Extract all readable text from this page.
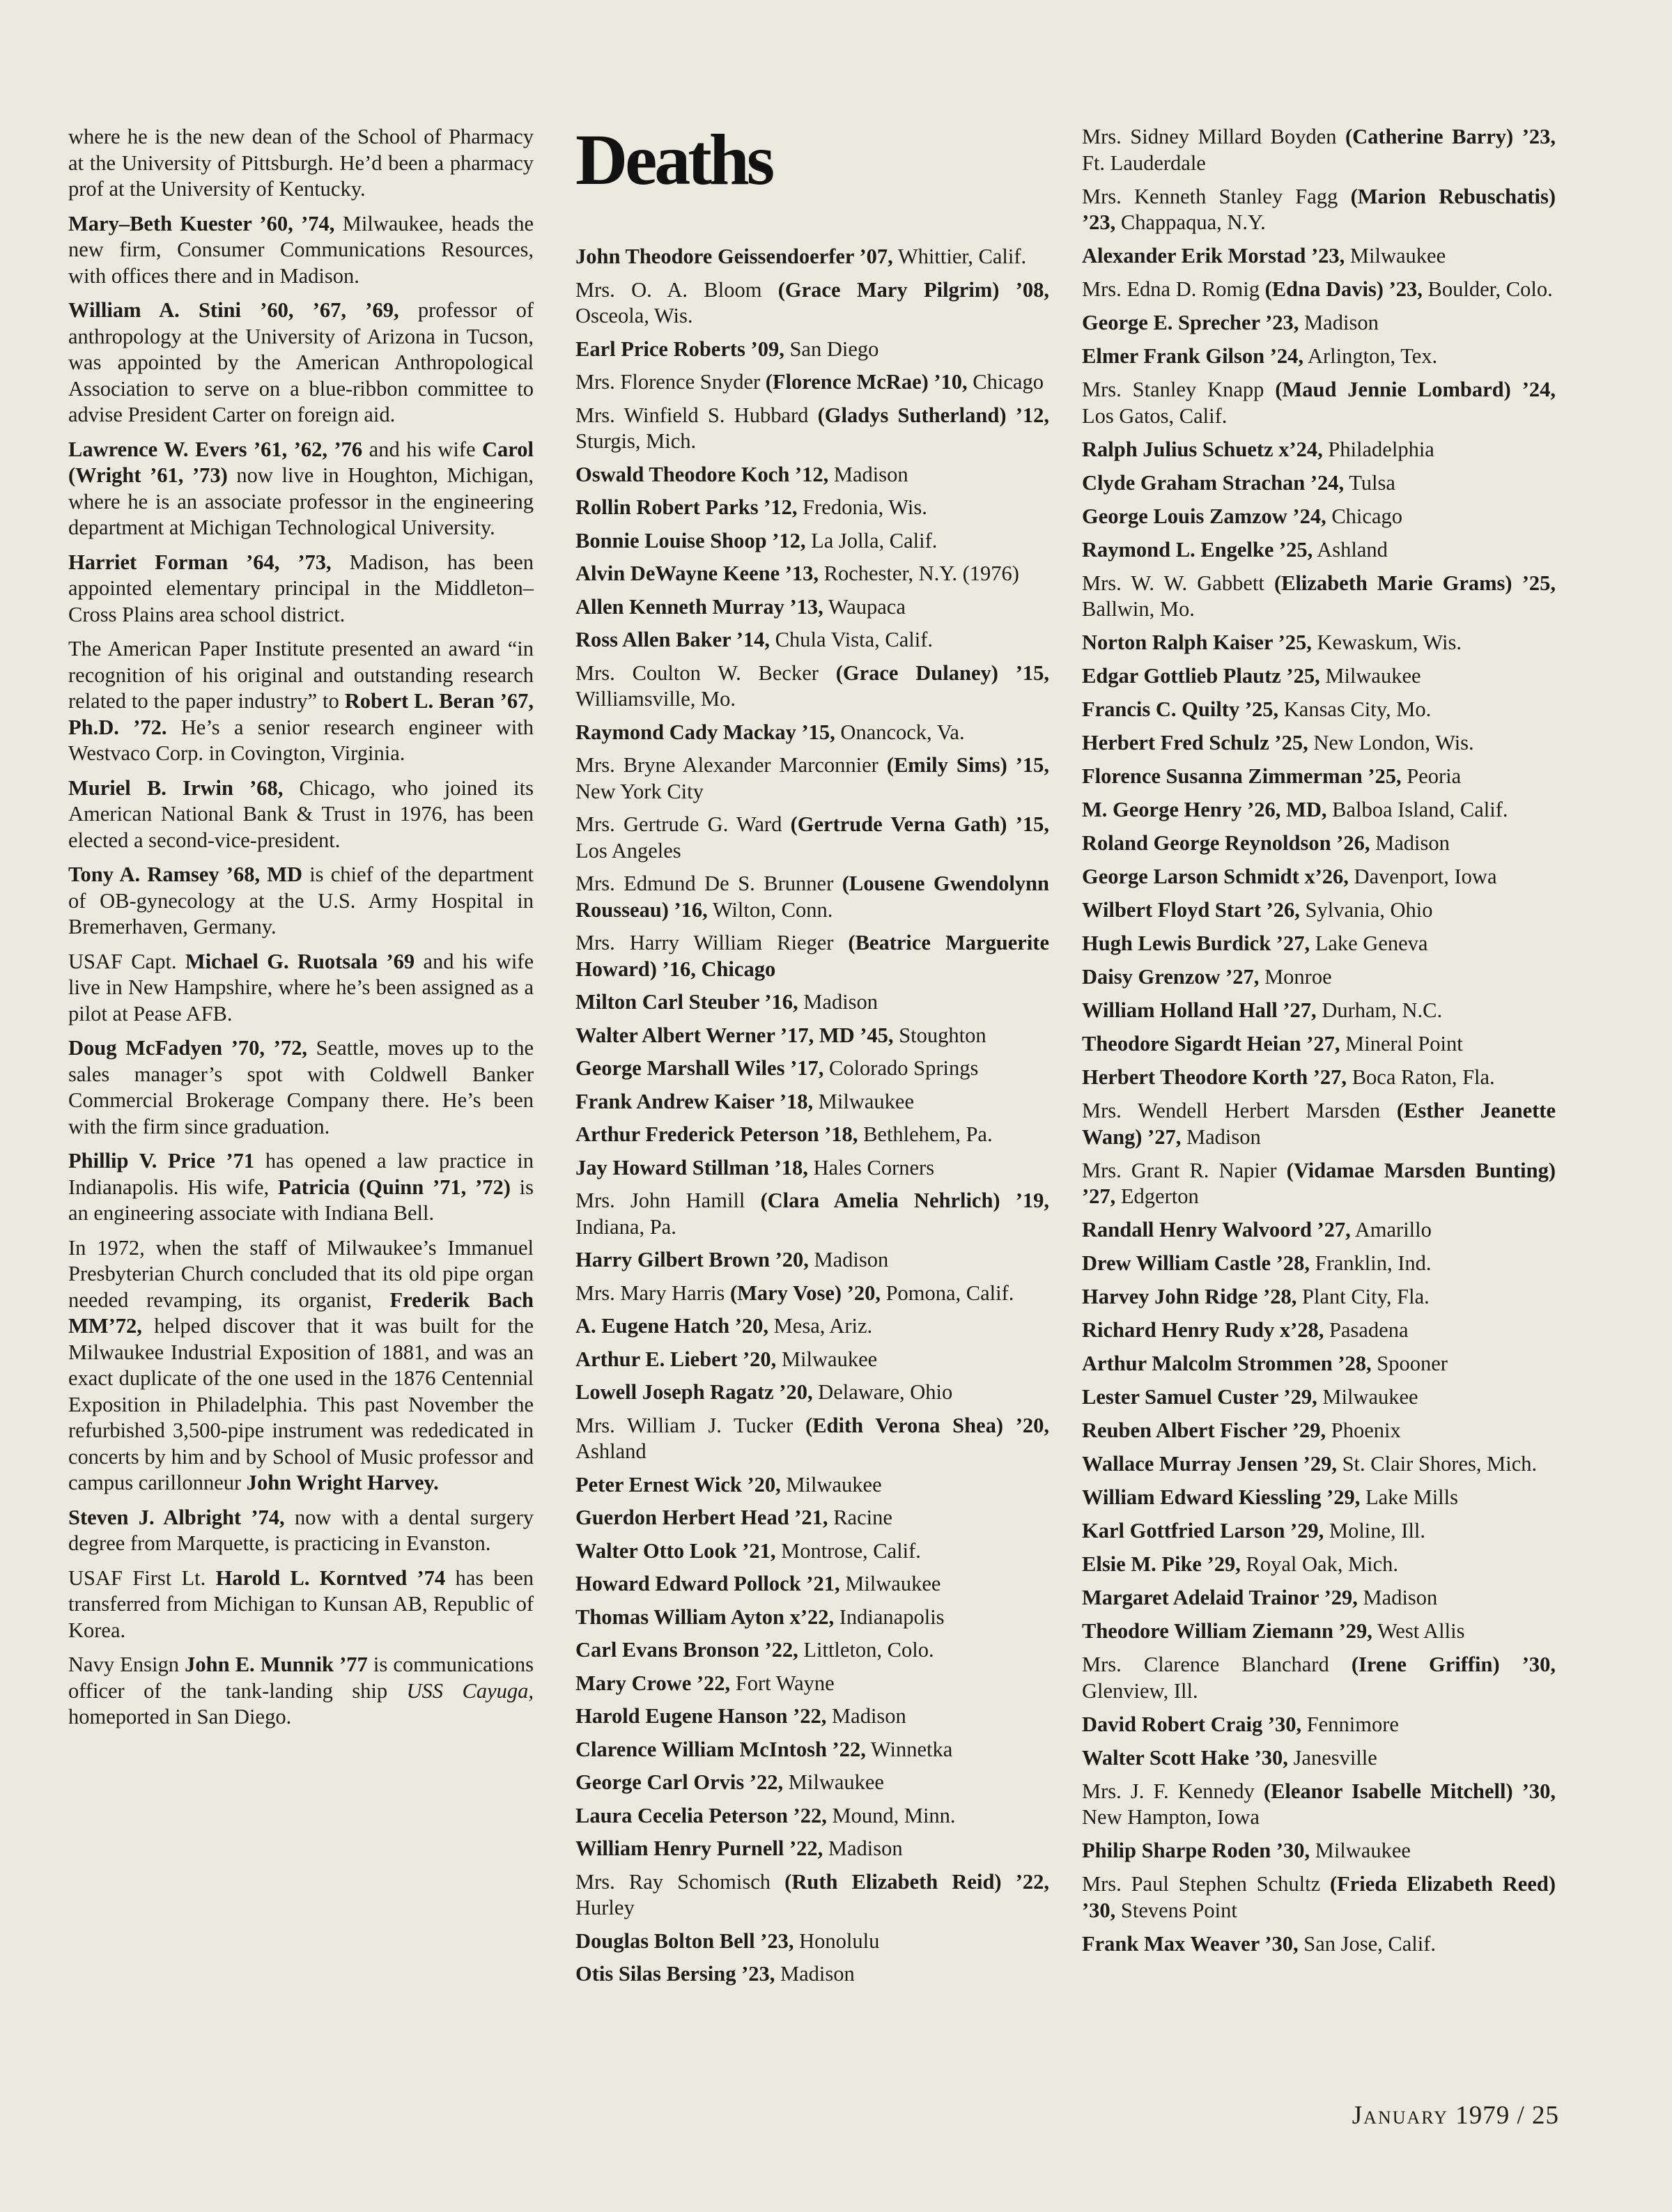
where he is the new dean of the School of Pharmacy at the University of Pittsburgh. He’d been a pharmacy prof at the University of Kentucky.

Mary–Beth Kuester ’60, ’74, Milwaukee, heads the new firm, Consumer Communications Resources, with offices there and in Madison.

William A. Stini ’60, ’67, ’69, professor of anthropology at the University of Arizona in Tucson, was appointed by the American Anthropological Association to serve on a blue-ribbon committee to advise President Carter on foreign aid.

Lawrence W. Evers ’61, ’62, ’76 and his wife Carol (Wright ’61, ’73) now live in Houghton, Michigan, where he is an associate professor in the engineering department at Michigan Technological University.

Harriet Forman ’64, ’73, Madison, has been appointed elementary principal in the Middleton–Cross Plains area school district.

The American Paper Institute presented an award “in recognition of his original and outstanding research related to the paper industry” to Robert L. Beran ’67, Ph.D. ’72. He’s a senior research engineer with Westvaco Corp. in Covington, Virginia.

Muriel B. Irwin ’68, Chicago, who joined its American National Bank & Trust in 1976, has been elected a second-vice-president.

Tony A. Ramsey ’68, MD is chief of the department of OB-gynecology at the U.S. Army Hospital in Bremerhaven, Germany.

USAF Capt. Michael G. Ruotsala ’69 and his wife live in New Hampshire, where he’s been assigned as a pilot at Pease AFB.

Doug McFadyen ’70, ’72, Seattle, moves up to the sales manager’s spot with Coldwell Banker Commercial Brokerage Company there. He’s been with the firm since graduation.

Phillip V. Price ’71 has opened a law practice in Indianapolis. His wife, Patricia (Quinn ’71, ’72) is an engineering associate with Indiana Bell.

In 1972, when the staff of Milwaukee’s Immanuel Presbyterian Church concluded that its old pipe organ needed revamping, its organist, Frederik Bach MM’72, helped discover that it was built for the Milwaukee Industrial Exposition of 1881, and was an exact duplicate of the one used in the 1876 Centennial Exposition in Philadelphia. This past November the refurbished 3,500-pipe instrument was rededicated in concerts by him and by School of Music professor and campus carillonneur John Wright Harvey.

Steven J. Albright ’74, now with a dental surgery degree from Marquette, is practicing in Evanston.

USAF First Lt. Harold L. Korntved ’74 has been transferred from Michigan to Kunsan AB, Republic of Korea.

Navy Ensign John E. Munnik ’77 is communications officer of the tank-landing ship USS Cayuga, homeported in San Diego.

Deaths

John Theodore Geissendoerfer ’07, Whittier, Calif.

Mrs. O. A. Bloom (Grace Mary Pilgrim) ’08, Osceola, Wis.

Earl Price Roberts ’09, San Diego

Mrs. Florence Snyder (Florence McRae) ’10, Chicago

Mrs. Winfield S. Hubbard (Gladys Sutherland) ’12, Sturgis, Mich.

Oswald Theodore Koch ’12, Madison

Rollin Robert Parks ’12, Fredonia, Wis.

Bonnie Louise Shoop ’12, La Jolla, Calif.

Alvin DeWayne Keene ’13, Rochester, N.Y. (1976)

Allen Kenneth Murray ’13, Waupaca

Ross Allen Baker ’14, Chula Vista, Calif.

Mrs. Coulton W. Becker (Grace Dulaney) ’15, Williamsville, Mo.

Raymond Cady Mackay ’15, Onancock, Va.

Mrs. Bryne Alexander Marconnier (Emily Sims) ’15, New York City

Mrs. Gertrude G. Ward (Gertrude Verna Gath) ’15, Los Angeles

Mrs. Edmund De S. Brunner (Lousene Gwendolynn Rousseau) ’16, Wilton, Conn.

Mrs. Harry William Rieger (Beatrice Marguerite Howard) ’16, Chicago

Milton Carl Steuber ’16, Madison

Walter Albert Werner ’17, MD ’45, Stoughton

George Marshall Wiles ’17, Colorado Springs

Frank Andrew Kaiser ’18, Milwaukee

Arthur Frederick Peterson ’18, Bethlehem, Pa.

Jay Howard Stillman ’18, Hales Corners

Mrs. John Hamill (Clara Amelia Nehrlich) ’19, Indiana, Pa.

Harry Gilbert Brown ’20, Madison

Mrs. Mary Harris (Mary Vose) ’20, Pomona, Calif.

A. Eugene Hatch ’20, Mesa, Ariz.

Arthur E. Liebert ’20, Milwaukee

Lowell Joseph Ragatz ’20, Delaware, Ohio

Mrs. William J. Tucker (Edith Verona Shea) ’20, Ashland

Peter Ernest Wick ’20, Milwaukee

Guerdon Herbert Head ’21, Racine

Walter Otto Look ’21, Montrose, Calif.

Howard Edward Pollock ’21, Milwaukee

Thomas William Ayton x’22, Indianapolis

Carl Evans Bronson ’22, Littleton, Colo.

Mary Crowe ’22, Fort Wayne

Harold Eugene Hanson ’22, Madison

Clarence William McIntosh ’22, Winnetka

George Carl Orvis ’22, Milwaukee

Laura Cecelia Peterson ’22, Mound, Minn.

William Henry Purnell ’22, Madison

Mrs. Ray Schomisch (Ruth Elizabeth Reid) ’22, Hurley

Douglas Bolton Bell ’23, Honolulu

Otis Silas Bersing ’23, Madison

Mrs. Sidney Millard Boyden (Catherine Barry) ’23, Ft. Lauderdale

Mrs. Kenneth Stanley Fagg (Marion Rebuschatis) ’23, Chappaqua, N.Y.

Alexander Erik Morstad ’23, Milwaukee

Mrs. Edna D. Romig (Edna Davis) ’23, Boulder, Colo.

George E. Sprecher ’23, Madison

Elmer Frank Gilson ’24, Arlington, Tex.

Mrs. Stanley Knapp (Maud Jennie Lombard) ’24, Los Gatos, Calif.

Ralph Julius Schuetz x’24, Philadelphia

Clyde Graham Strachan ’24, Tulsa

George Louis Zamzow ’24, Chicago

Raymond L. Engelke ’25, Ashland

Mrs. W. W. Gabbett (Elizabeth Marie Grams) ’25, Ballwin, Mo.

Norton Ralph Kaiser ’25, Kewaskum, Wis.

Edgar Gottlieb Plautz ’25, Milwaukee

Francis C. Quilty ’25, Kansas City, Mo.

Herbert Fred Schulz ’25, New London, Wis.

Florence Susanna Zimmerman ’25, Peoria

M. George Henry ’26, MD, Balboa Island, Calif.

Roland George Reynoldson ’26, Madison

George Larson Schmidt x’26, Davenport, Iowa

Wilbert Floyd Start ’26, Sylvania, Ohio

Hugh Lewis Burdick ’27, Lake Geneva

Daisy Grenzow ’27, Monroe

William Holland Hall ’27, Durham, N.C.

Theodore Sigardt Heian ’27, Mineral Point

Herbert Theodore Korth ’27, Boca Raton, Fla.

Mrs. Wendell Herbert Marsden (Esther Jeanette Wang) ’27, Madison

Mrs. Grant R. Napier (Vidamae Marsden Bunting) ’27, Edgerton

Randall Henry Walvoord ’27, Amarillo

Drew William Castle ’28, Franklin, Ind.

Harvey John Ridge ’28, Plant City, Fla.

Richard Henry Rudy x’28, Pasadena

Arthur Malcolm Strommen ’28, Spooner

Lester Samuel Custer ’29, Milwaukee

Reuben Albert Fischer ’29, Phoenix

Wallace Murray Jensen ’29, St. Clair Shores, Mich.

William Edward Kiessling ’29, Lake Mills

Karl Gottfried Larson ’29, Moline, Ill.

Elsie M. Pike ’29, Royal Oak, Mich.

Margaret Adelaid Trainor ’29, Madison

Theodore William Ziemann ’29, West Allis

Mrs. Clarence Blanchard (Irene Griffin) ’30, Glenview, Ill.

David Robert Craig ’30, Fennimore

Walter Scott Hake ’30, Janesville

Mrs. J. F. Kennedy (Eleanor Isabelle Mitchell) ’30, New Hampton, Iowa

Philip Sharpe Roden ’30, Milwaukee

Mrs. Paul Stephen Schultz (Frieda Elizabeth Reed) ’30, Stevens Point

Frank Max Weaver ’30, San Jose, Calif.

January 1979 / 25
